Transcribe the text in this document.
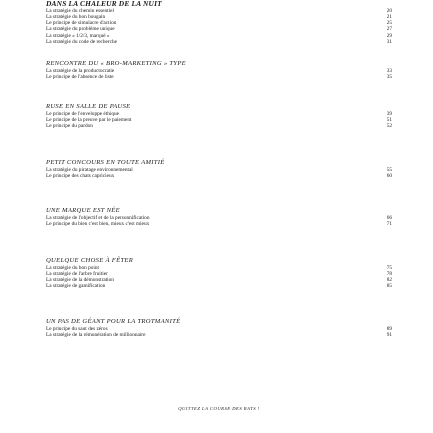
DANS LA CHALEUR DE LA NUIT
La stratégie du chemin essentiel	20
La stratégie du bon bougain	21
Le principe de simulacre d'action	25
La stratégie du problème unique	27
La stratégie « 1/2/3, marqué »	29
La stratégie du code de recherche	31
RENCONTRE DU « BRO-MARKETING » TYPE
La stratégie de la productocratie	33
Le principe de l'absence de liste	35
RUSE EN SALLE DE PAUSE
Le principe de l'enveloppe éthique	39
Le principe de la preuve par le paiement	51
Le principe du pardon	52
PETIT CONCOURS EN TOUTE AMITIÉ
La stratégie du piratage environnemental	55
Le principe des chats capricieux	60
UNE MARQUE EST NÉE
La stratégie de l'objectif et de la personnification	66
Le principe du bien c'est bien, mieux c'est mieux	71
QUELQUE CHOSE À FÊTER
La stratégie du bon point	75
La stratégie de l'arbre fruitier	78
La stratégie de la démonstration	82
La stratégie de gamification	85
UN PAS DE GÉANT POUR LA TROTMANITÉ
Le principe du saut des zéros	89
La stratégie de la rémunération de millionnaire	91
QUITTEZ LA COURSE DES RATS !
